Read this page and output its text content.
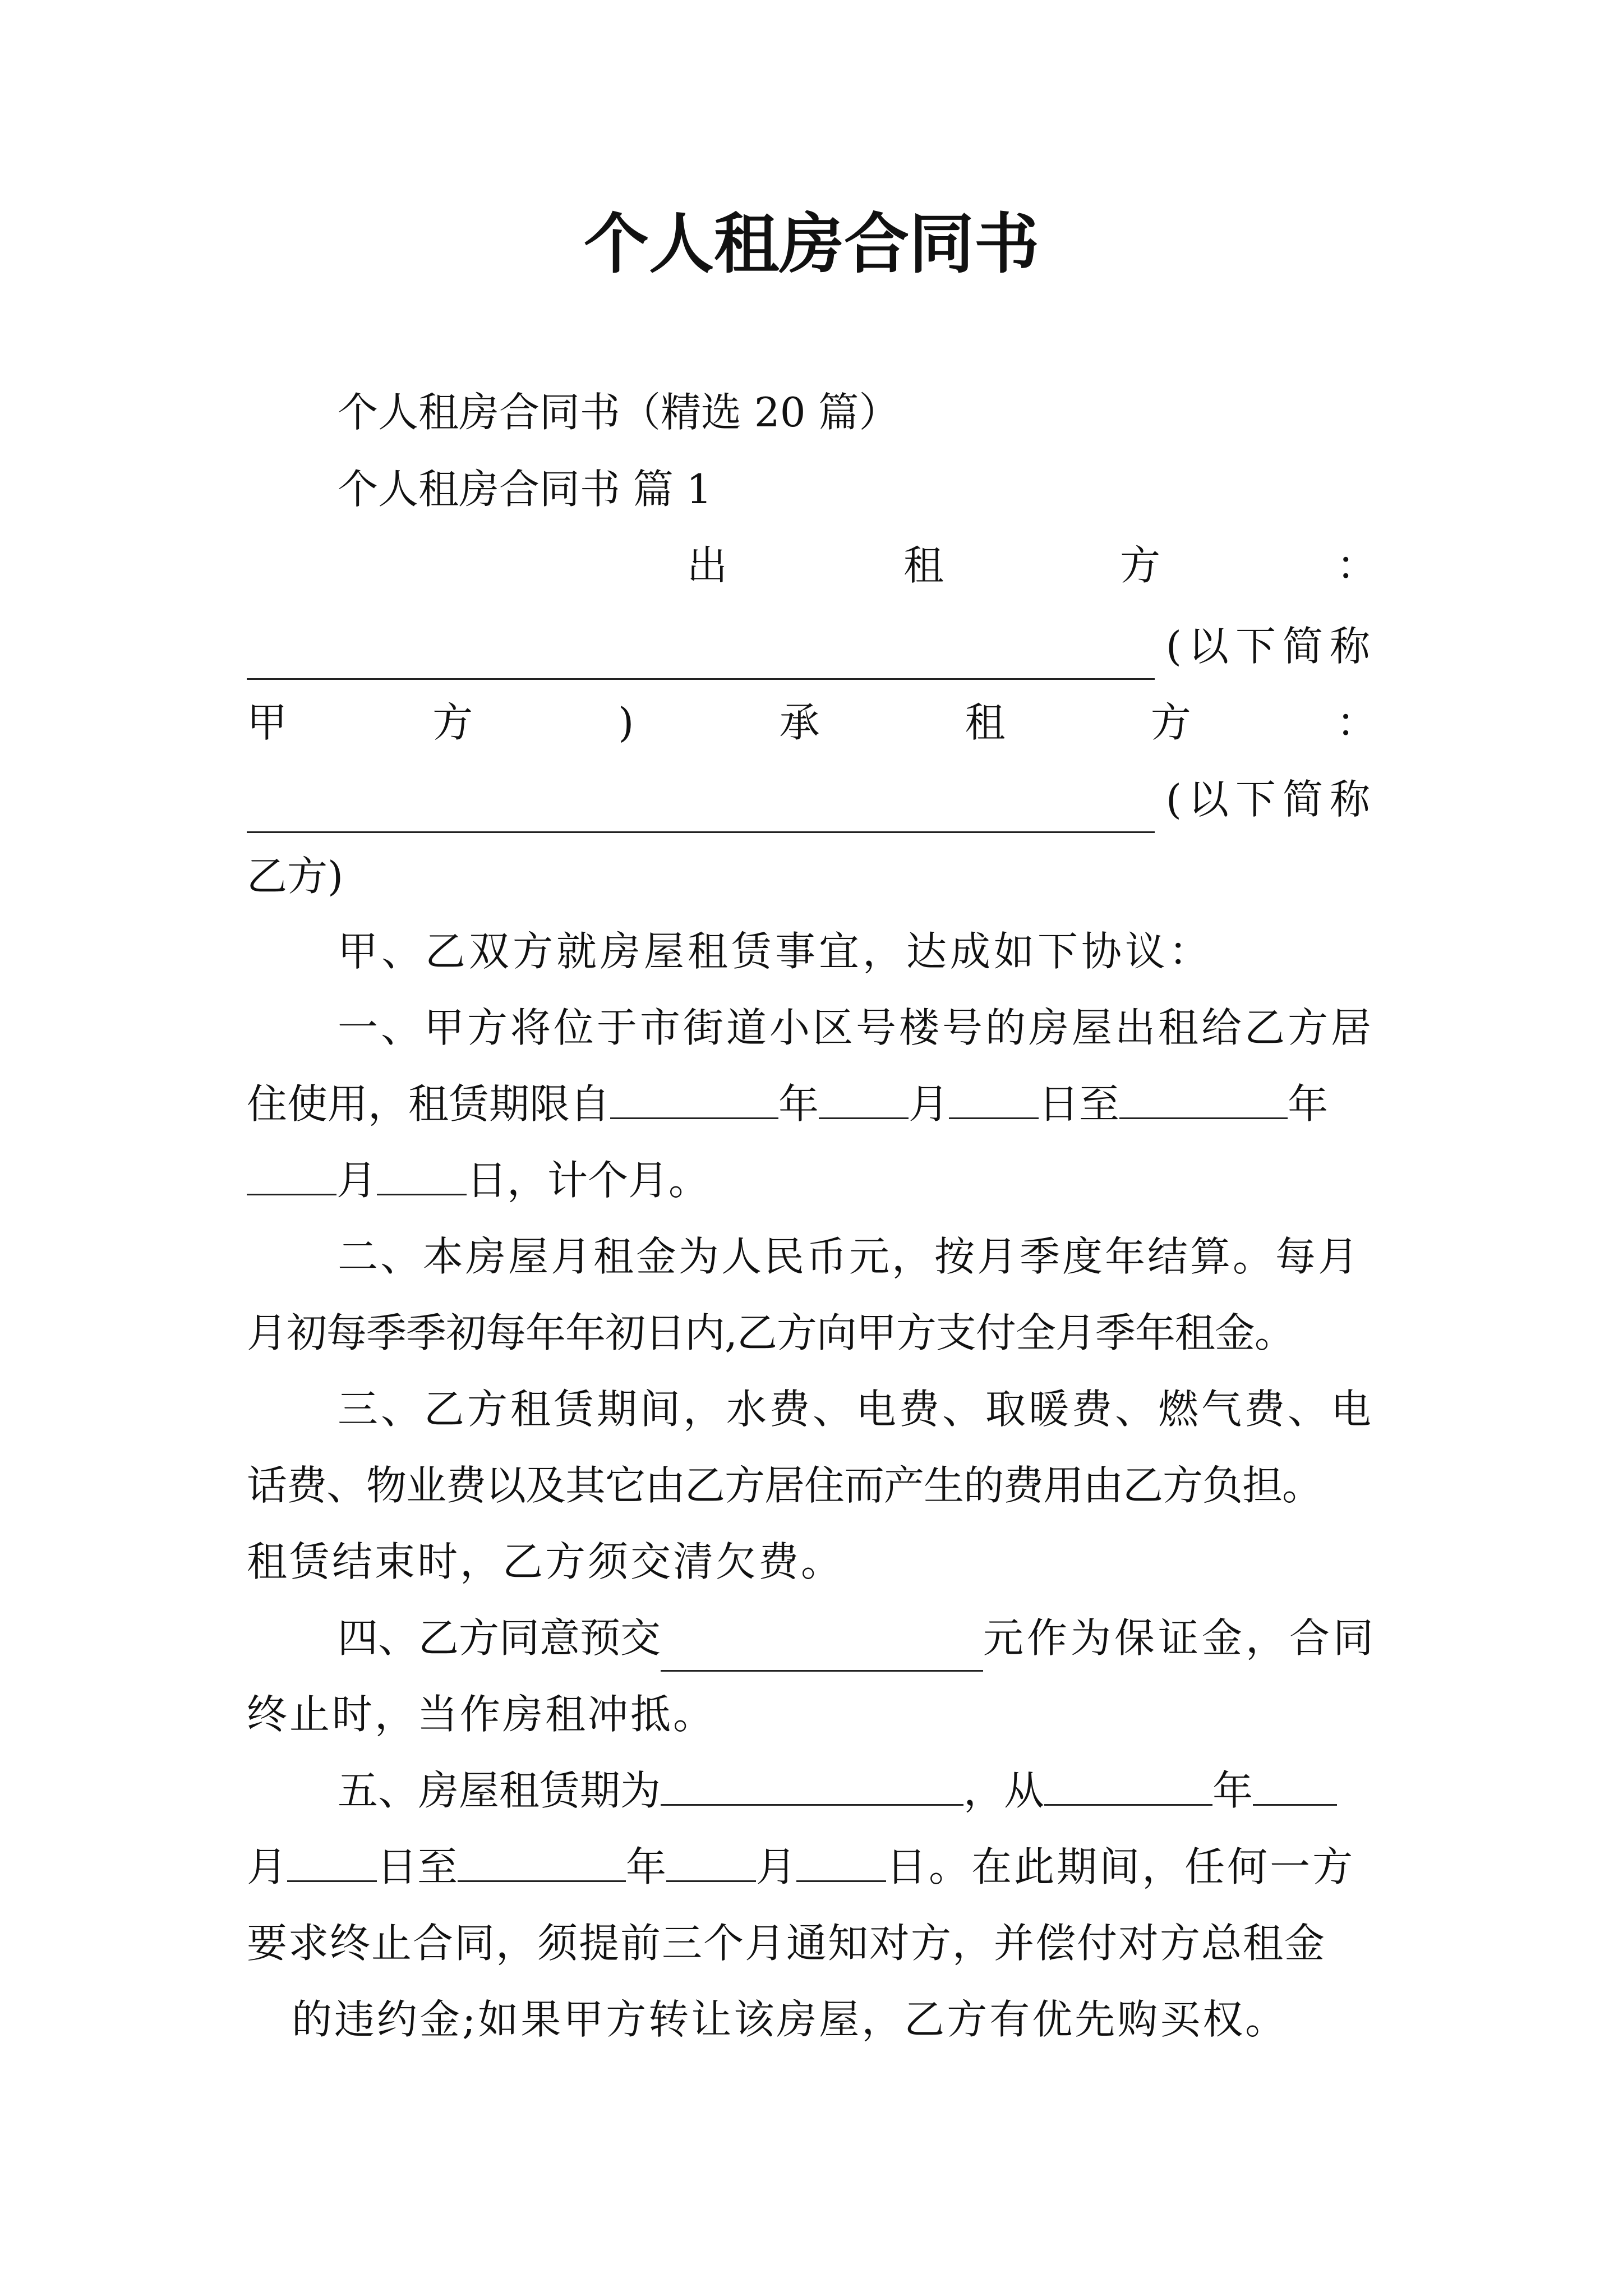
个人租房合同书
个人租房合同书（精选 20 篇）
个人租房合同书 篇 1
出	租	方	：
(以下简称
甲	方	)	承	租	方	：
(以下简称
乙方)
甲、乙双方就房屋租赁事宜，达成如下协议：
一、甲方将位于市街道小区号楼号的房屋出租给乙方居
住使用，租赁期限自	年 月 日至	年
月 日，计个月。
二、本房屋月租金为人民币元，按月季度年结算。每月
月初每季季初每年年初日内,乙方向甲方支付全月季年租金。
三、乙方租赁期间，水费、电费、取暖费、燃气费、电
话费、物业费以及其它由乙方居住而产生的费用由乙方负担。
租赁结束时，乙方须交清欠费。
四、乙方同意预交	元作为保证金，合同
终止时，当作房租冲抵。
五、房屋租赁期为	，从	年
月 日至	年 月 日。在此期间，任何一方
要求终止合同，须提前三个月通知对方，并偿付对方总租金
的违约金;如果甲方转让该房屋，乙方有优先购买权。
